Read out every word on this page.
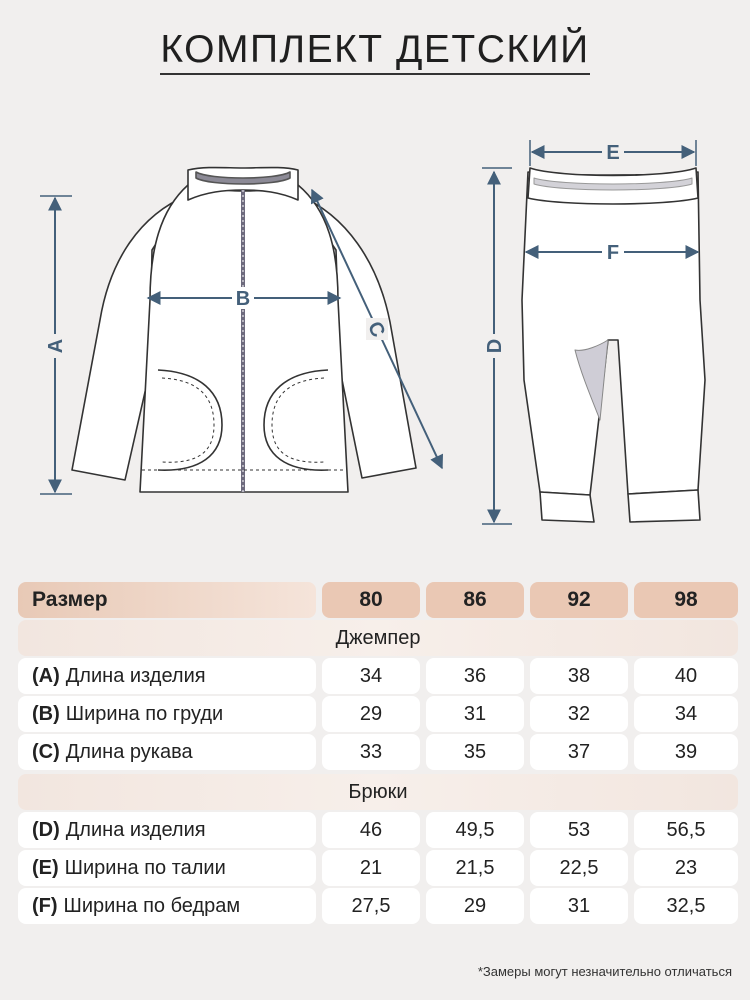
КОМПЛЕКТ ДЕТСКИЙ
A
B
C
D
E
F
Размер	80	86	92	98
Джемпер
(A) Длина изделия	34	36	38	40
(B) Ширина по груди	29	31	32	34
(C) Длина рукава	33	35	37	39
Брюки
(D) Длина изделия	46	49,5	53	56,5
(E) Ширина по талии	21	21,5	22,5	23
(F) Ширина по бедрам	27,5	29	31	32,5
*Замеры могут незначительно отличаться
